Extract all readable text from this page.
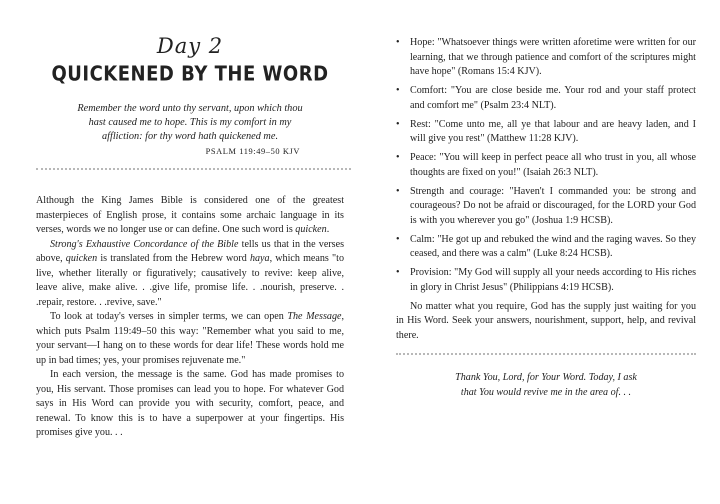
Day 2
QUICKENED BY THE WORD
Remember the word unto thy servant, upon which thou hast caused me to hope. This is my comfort in my affliction: for thy word hath quickened me.
PSALM 119:49–50 KJV

Although the King James Bible is considered one of the greatest masterpieces of English prose, it contains some archaic language in its verses, words we no longer use or can define. One such word is quicken.

Strong's Exhaustive Concordance of the Bible tells us that in the verses above, quicken is translated from the Hebrew word haya, which means "to live, whether literally or figuratively; causatively to revive: keep alive, leave alive, make alive. . .give life, promise life. . .nourish, preserve. . .repair, restore. . .revive, save."

To look at today's verses in simpler terms, we can open The Message, which puts Psalm 119:49–50 this way: "Remember what you said to me, your servant—I hang on to these words for dear life! These words hold me up in bad times; yes, your promises rejuvenate me."

In each version, the message is the same. God has made promises to you, His servant. Those promises can lead you to hope. For whatever God says in His Word can provide you with security, comfort, peace, and renewal. To know this is to have a superpower at your fingertips. His promises give you. . .

• Hope: "Whatsoever things were written aforetime were written for our learning, that we through patience and comfort of the scriptures might have hope" (Romans 15:4 KJV).
• Comfort: "You are close beside me. Your rod and your staff protect and comfort me" (Psalm 23:4 NLT).
• Rest: "Come unto me, all ye that labour and are heavy laden, and I will give you rest" (Matthew 11:28 KJV).
• Peace: "You will keep in perfect peace all who trust in you, all whose thoughts are fixed on you!" (Isaiah 26:3 NLT).
• Strength and courage: "Haven't I commanded you: be strong and courageous? Do not be afraid or discouraged, for the LORD your God is with you wherever you go" (Joshua 1:9 HCSB).
• Calm: "He got up and rebuked the wind and the raging waves. So they ceased, and there was a calm" (Luke 8:24 HCSB).
• Provision: "My God will supply all your needs according to His riches in glory in Christ Jesus" (Philippians 4:19 HCSB).
No matter what you require, God has the supply just waiting for you in His Word. Seek your answers, nourishment, support, help, and revival there.
Thank You, Lord, for Your Word. Today, I ask
that You would revive me in the area of. . .
